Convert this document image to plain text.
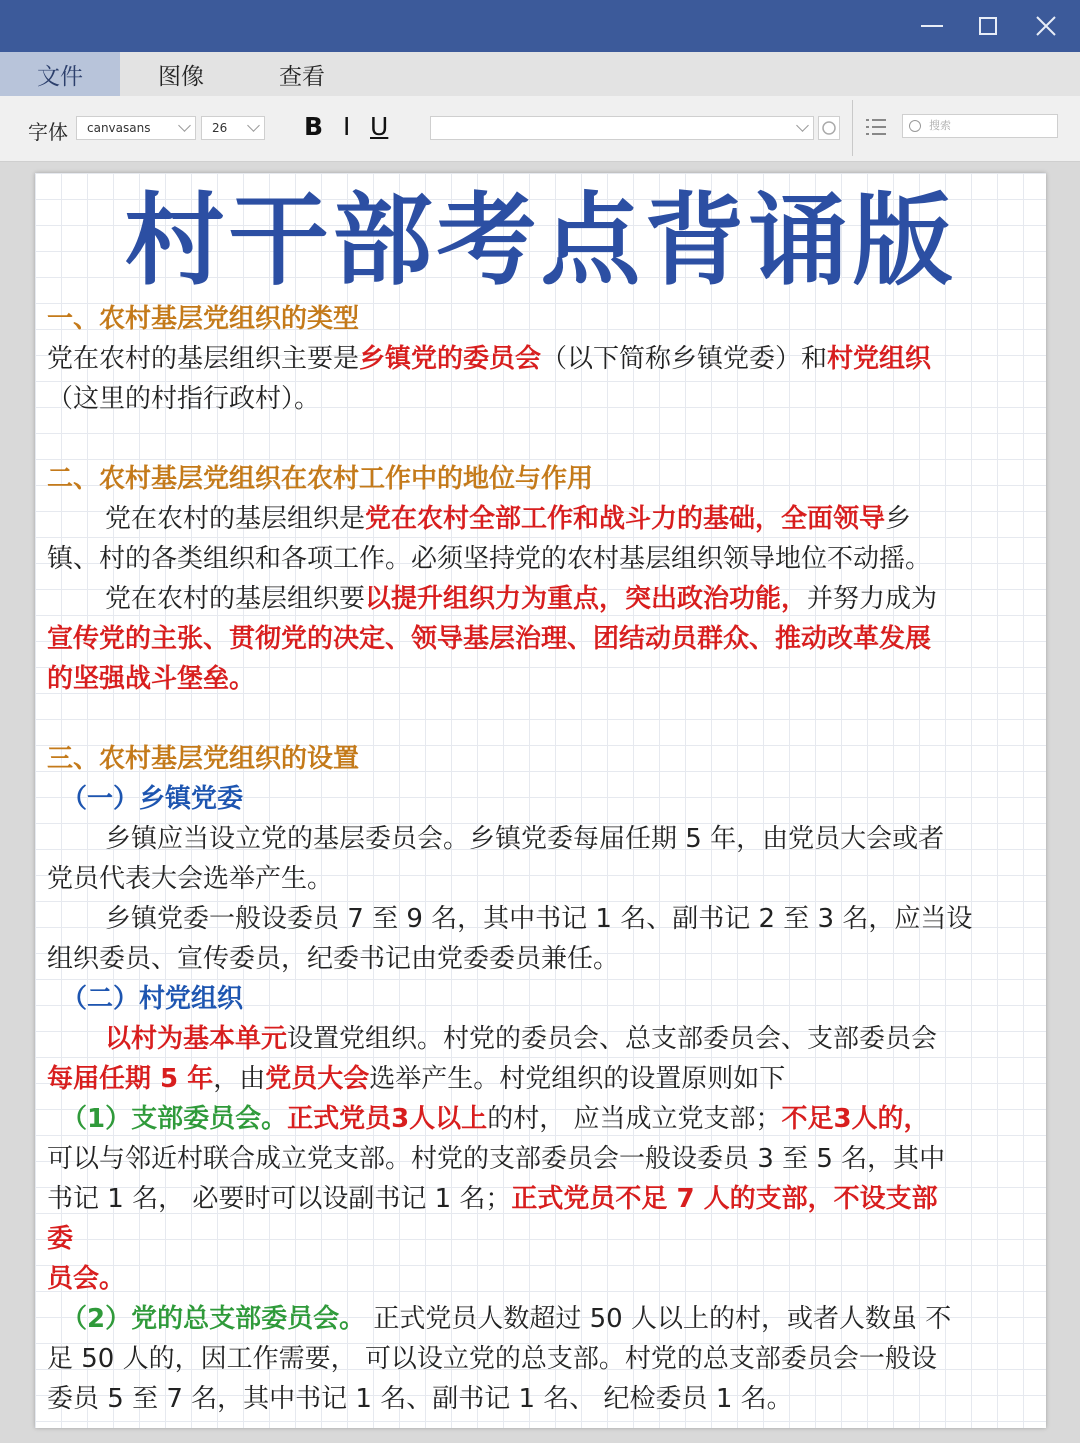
文件	图像	查看
字体	canvasans	26	B I U	搜索
村干部考点背诵版
一、农村基层党组织的类型
党在农村的基层组织主要是乡镇党的委员会（以下简称乡镇党委）和村党组织
（这里的村指行政村）。
二、农村基层党组织在农村工作中的地位与作用
党在农村的基层组织是党在农村全部工作和战斗力的基础，全面领导乡
镇、村的各类组织和各项工作。必须坚持党的农村基层组织领导地位不动摇。
党在农村的基层组织要以提升组织力为重点，突出政治功能，并努力成为
宣传党的主张、贯彻党的决定、领导基层治理、团结动员群众、推动改革发展
的坚强战斗堡垒。
三、农村基层党组织的设置
（一）乡镇党委
乡镇应当设立党的基层委员会。乡镇党委每届任期 5 年，由党员大会或者
党员代表大会选举产生。
乡镇党委一般设委员 7 至 9 名，其中书记 1 名、副书记 2 至 3 名，应当设
组织委员、宣传委员，纪委书记由党委委员兼任。
（二）村党组织
以村为基本单元设置党组织。村党的委员会、总支部委员会、支部委员会
每届任期 5 年，由党员大会选举产生。村党组织的设置原则如下
（1）支部委员会。正式党员3人以上的村， 应当成立党支部；不足3人的，
可以与邻近村联合成立党支部。村党的支部委员会一般设委员 3 至 5 名，其中
书记 1 名， 必要时可以设副书记 1 名；正式党员不足 7 人的支部，不设支部
委
员会。
（2）党的总支部委员会。 正式党员人数超过 50 人以上的村，或者人数虽 不
足 50 人的，因工作需要， 可以设立党的总支部。村党的总支部委员会一般设
委员 5 至 7 名，其中书记 1 名、副书记 1 名、 纪检委员 1 名。
